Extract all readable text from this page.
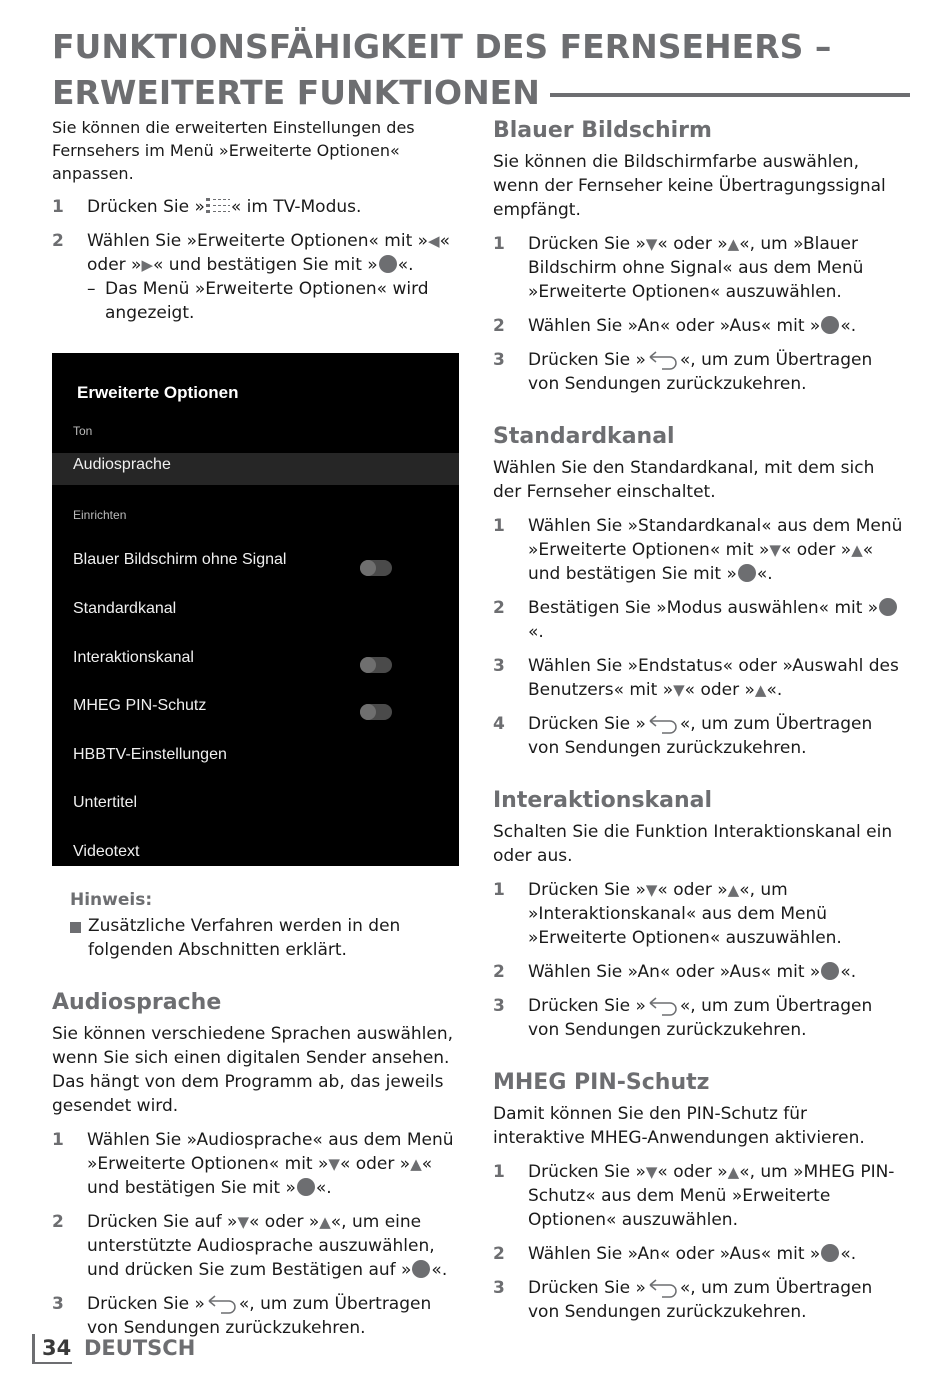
FUNKTIONSFÄHIGKEIT DES FERNSEHERS –
ERWEITERTE FUNKTIONEN
Sie können die erweiterten Einstellungen des Fernsehers im Menü »Erweiterte Optionen« anpassen.
1 Drücken Sie » « im TV-Modus.
2 Wählen Sie »Erweiterte Optionen« mit »◀« oder »▶« und bestätigen Sie mit » «.
– Das Menü »Erweiterte Optionen« wird angezeigt.
Erweiterte Optionen
Ton
Audiosprache
Einrichten
Blauer Bildschirm ohne Signal
Standardkanal
Interaktionskanal
MHEG PIN-Schutz
HBBTV-Einstellungen
Untertitel
Videotext
Hinweis:
Zusätzliche Verfahren werden in den folgenden Abschnitten erklärt.
Audiosprache
Sie können verschiedene Sprachen auswählen, wenn Sie sich einen digitalen Sender ansehen. Das hängt von dem Programm ab, das jeweils gesendet wird.
1 Wählen Sie »Audiosprache« aus dem Menü »Erweiterte Optionen« mit »▼« oder »▲« und bestätigen Sie mit » «.
2 Drücken Sie auf »▼« oder »▲«, um eine unterstützte Audiosprache auszuwählen, und drücken Sie zum Bestätigen auf » «.
3 Drücken Sie » «, um zum Übertragen von Sendungen zurückzukehren.
Blauer Bildschirm
Sie können die Bildschirmfarbe auswählen, wenn der Fernseher keine Übertragungssignal empfängt.
1 Drücken Sie »▼« oder »▲«, um »Blauer Bildschirm ohne Signal« aus dem Menü »Erweiterte Optionen« auszuwählen.
2 Wählen Sie »An« oder »Aus« mit » «.
3 Drücken Sie » «, um zum Übertragen von Sendungen zurückzukehren.
Standardkanal
Wählen Sie den Standardkanal, mit dem sich der Fernseher einschaltet.
1 Wählen Sie »Standardkanal« aus dem Menü »Erweiterte Optionen« mit »▼« oder »▲« und bestätigen Sie mit » «.
2 Bestätigen Sie »Modus auswählen« mit »«.
3 Wählen Sie »Endstatus« oder »Auswahl des Benutzers« mit »▼« oder »▲«.
4 Drücken Sie » «, um zum Übertragen von Sendungen zurückzukehren.
Interaktionskanal
Schalten Sie die Funktion Interaktionskanal ein oder aus.
1 Drücken Sie »▼« oder »▲«, um »Interaktionskanal« aus dem Menü »Erweiterte Optionen« auszuwählen.
2 Wählen Sie »An« oder »Aus« mit » «.
3 Drücken Sie » «, um zum Übertragen von Sendungen zurückzukehren.
MHEG PIN-Schutz
Damit können Sie den PIN-Schutz für interaktive MHEG-Anwendungen aktivieren.
1 Drücken Sie »▼« oder »▲«, um »MHEG PIN-Schutz« aus dem Menü »Erweiterte Optionen« auszuwählen.
2 Wählen Sie »An« oder »Aus« mit » «.
3 Drücken Sie » «, um zum Übertragen von Sendungen zurückzukehren.
34 DEUTSCH
